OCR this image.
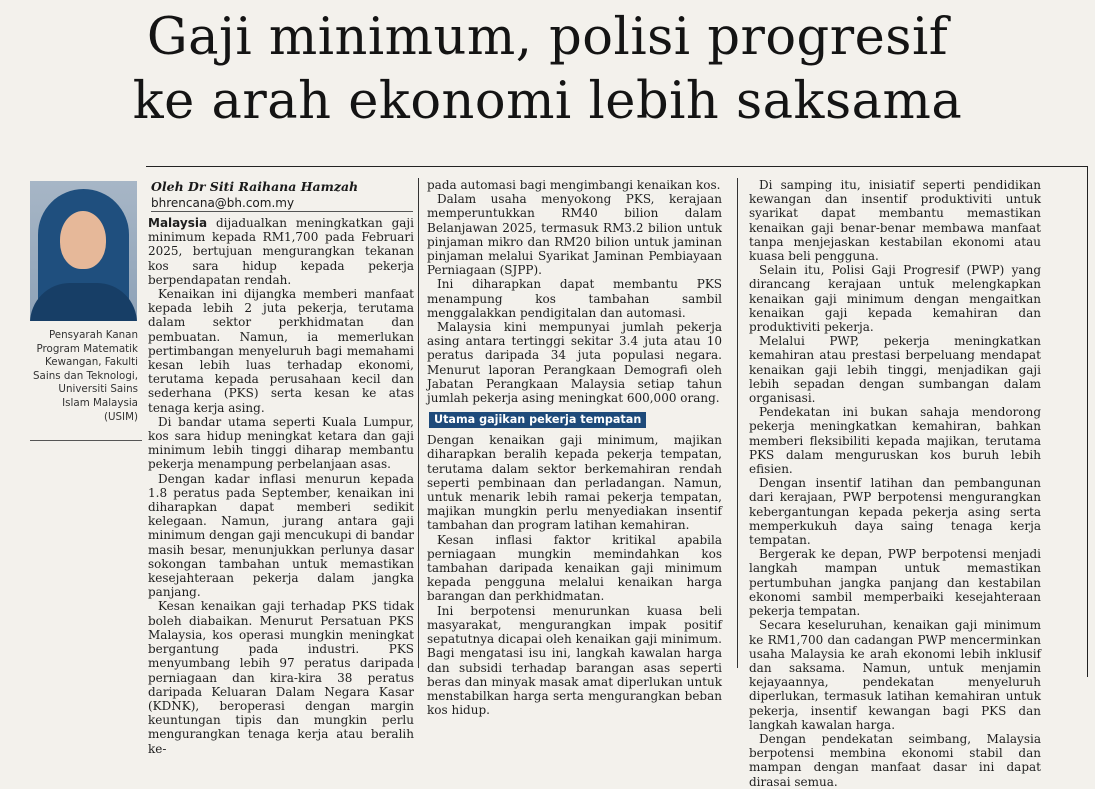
Gaji minimum, polisi progresif
ke arah ekonomi lebih saksama
Pensyarah Kanan Program Matematik Kewangan, Fakulti Sains dan Teknologi, Universiti Sains Islam Malaysia (USIM)
Oleh Dr Siti Raihana Hamzah
bhrencana@bh.com.my

Malaysia dijadualkan meningkatkan gaji minimum kepada RM1,700 pada Februari 2025, bertujuan mengurangkan tekanan kos sara hidup kepada pekerja berpendapatan rendah.

Kenaikan ini dijangka memberi manfaat kepada lebih 2 juta pekerja, terutama dalam sektor perkhidmatan dan pembuatan. Namun, ia memerlukan pertimbangan menyeluruh bagi memahami kesan lebih luas terhadap ekonomi, terutama kepada perusahaan kecil dan sederhana (PKS) serta kesan ke atas tenaga kerja asing.

Di bandar utama seperti Kuala Lumpur, kos sara hidup meningkat ketara dan gaji minimum lebih tinggi diharap membantu pekerja menampung perbelanjaan asas.

Dengan kadar inflasi menurun kepada 1.8 peratus pada September, kenaikan ini diharapkan dapat memberi sedikit kelegaan. Namun, jurang antara gaji minimum dengan gaji mencukupi di bandar masih besar, menunjukkan perlunya dasar sokongan tambahan untuk memastikan kesejahteraan pekerja dalam jangka panjang.

Kesan kenaikan gaji terhadap PKS tidak boleh diabaikan. Menurut Persatuan PKS Malaysia, kos operasi mungkin meningkat bergantung pada industri. PKS menyumbang lebih 97 peratus daripada perniagaan dan kira-kira 38 peratus daripada Keluaran Dalam Negara Kasar (KDNK), beroperasi dengan margin keuntungan tipis dan mungkin perlu mengurangkan tenaga kerja atau beralih ke-

pada automasi bagi mengimbangi kenaikan kos.

Dalam usaha menyokong PKS, kerajaan memperuntukkan RM40 bilion dalam Belanjawan 2025, termasuk RM3.2 bilion untuk pinjaman mikro dan RM20 bilion untuk jaminan pinjaman melalui Syarikat Jaminan Pembiayaan Perniagaan (SJPP).

Ini diharapkan dapat membantu PKS menampung kos tambahan sambil menggalakkan pendigitalan dan automasi.

Malaysia kini mempunyai jumlah pekerja asing antara tertinggi sekitar 3.4 juta atau 10 peratus daripada 34 juta populasi negara. Menurut laporan Perangkaan Demografi oleh Jabatan Perangkaan Malaysia setiap tahun jumlah pekerja asing meningkat 600,000 orang.

Utama gajikan pekerja tempatan

Dengan kenaikan gaji minimum, majikan diharapkan beralih kepada pekerja tempatan, terutama dalam sektor berkemahiran rendah seperti pembinaan dan perladangan. Namun, untuk menarik lebih ramai pekerja tempatan, majikan mungkin perlu menyediakan insentif tambahan dan program latihan kemahiran.

Kesan inflasi faktor kritikal apabila perniagaan mungkin memindahkan kos tambahan daripada kenaikan gaji minimum kepada pengguna melalui kenaikan harga barangan dan perkhidmatan.

Ini berpotensi menurunkan kuasa beli masyarakat, mengurangkan impak positif sepatutnya dicapai oleh kenaikan gaji minimum. Bagi mengatasi isu ini, langkah kawalan harga dan subsidi terhadap barangan asas seperti beras dan minyak masak amat diperlukan untuk menstabilkan harga serta mengurangkan beban kos hidup.

Di samping itu, inisiatif seperti pendidikan kewangan dan insentif produktiviti untuk syarikat dapat membantu memastikan kenaikan gaji benar-benar membawa manfaat tanpa menjejaskan kestabilan ekonomi atau kuasa beli pengguna.

Selain itu, Polisi Gaji Progresif (PWP) yang dirancang kerajaan untuk melengkapkan kenaikan gaji minimum dengan mengaitkan kenaikan gaji kepada kemahiran dan produktiviti pekerja.

Melalui PWP, pekerja meningkatkan kemahiran atau prestasi berpeluang mendapat kenaikan gaji lebih tinggi, menjadikan gaji lebih sepadan dengan sumbangan dalam organisasi.

Pendekatan ini bukan sahaja mendorong pekerja meningkatkan kemahiran, bahkan memberi fleksibiliti kepada majikan, terutama PKS dalam menguruskan kos buruh lebih efisien.

Dengan insentif latihan dan pembangunan dari kerajaan, PWP berpotensi mengurangkan kebergantungan kepada pekerja asing serta memperkukuh daya saing tenaga kerja tempatan.

Bergerak ke depan, PWP berpotensi menjadi langkah mampan untuk memastikan pertumbuhan jangka panjang dan kestabilan ekonomi sambil memperbaiki kesejahteraan pekerja tempatan.

Secara keseluruhan, kenaikan gaji minimum ke RM1,700 dan cadangan PWP mencerminkan usaha Malaysia ke arah ekonomi lebih inklusif dan saksama. Namun, untuk menjamin kejayaannya, pendekatan menyeluruh diperlukan, termasuk latihan kemahiran untuk pekerja, insentif kewangan bagi PKS dan langkah kawalan harga.

Dengan pendekatan seimbang, Malaysia berpotensi membina ekonomi stabil dan mampan dengan manfaat dasar ini dapat dirasai semua.
